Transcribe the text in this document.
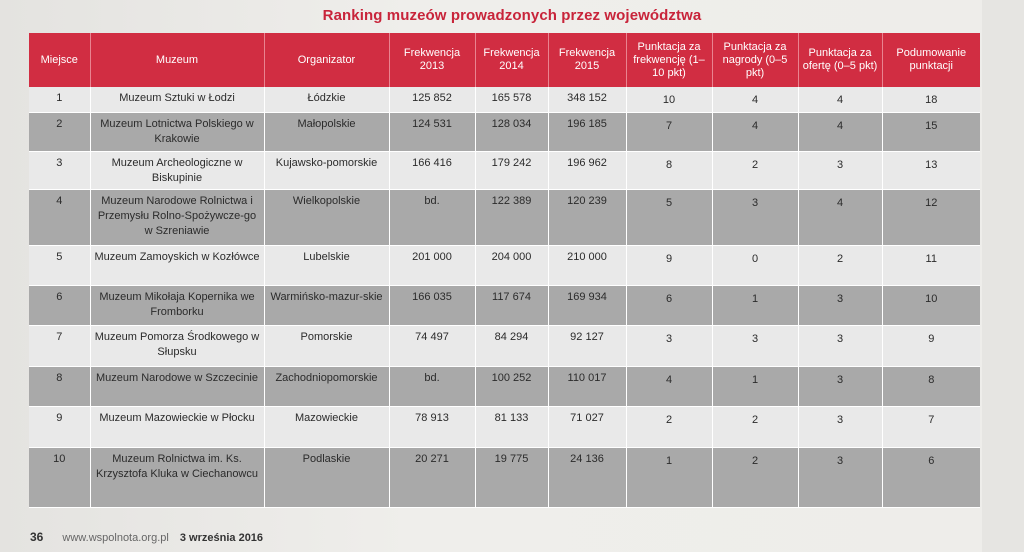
Ranking muzeów prowadzonych przez województwa
Miejsce	Muzeum	Organizator	Frekwencja 2013	Frekwencja 2014	Frekwencja 2015	Punktacja za frekwencję (1–10 pkt)	Punktacja za nagrody (0–5 pkt)	Punktacja za ofertę (0–5 pkt)	Podumowanie punktacji
1	Muzeum Sztuki w Łodzi	Łódzkie	125 852	165 578	348 152	10	4	4	18
2	Muzeum Lotnictwa Polskiego w Krakowie	Małopolskie	124 531	128 034	196 185	7	4	4	15
3	Muzeum Archeologiczne w Biskupinie	Kujawsko-pomorskie	166 416	179 242	196 962	8	2	3	13
4	Muzeum Narodowe Rolnictwa i Przemysłu Rolno-Spożywcze-go w Szreniawie	Wielkopolskie	bd.	122 389	120 239	5	3	4	12
5	Muzeum Zamoyskich w Kozłówce	Lubelskie	201 000	204 000	210 000	9	0	2	11
6	Muzeum Mikołaja Kopernika we Fromborku	Warmińsko-mazur-skie	166 035	117 674	169 934	6	1	3	10
7	Muzeum Pomorza Środkowego w Słupsku	Pomorskie	74 497	84 294	92 127	3	3	3	9
8	Muzeum Narodowe w Szczecinie	Zachodniopomorskie	bd.	100 252	110 017	4	1	3	8
9	Muzeum Mazowieckie w Płocku	Mazowieckie	78 913	81 133	71 027	2	2	3	7
10	Muzeum Rolnictwa im. Ks. Krzysztofa Kluka w Ciechanowcu	Podlaskie	20 271	19 775	24 136	1	2	3	6
36 www.wspolnota.org.pl 3 września 2016
